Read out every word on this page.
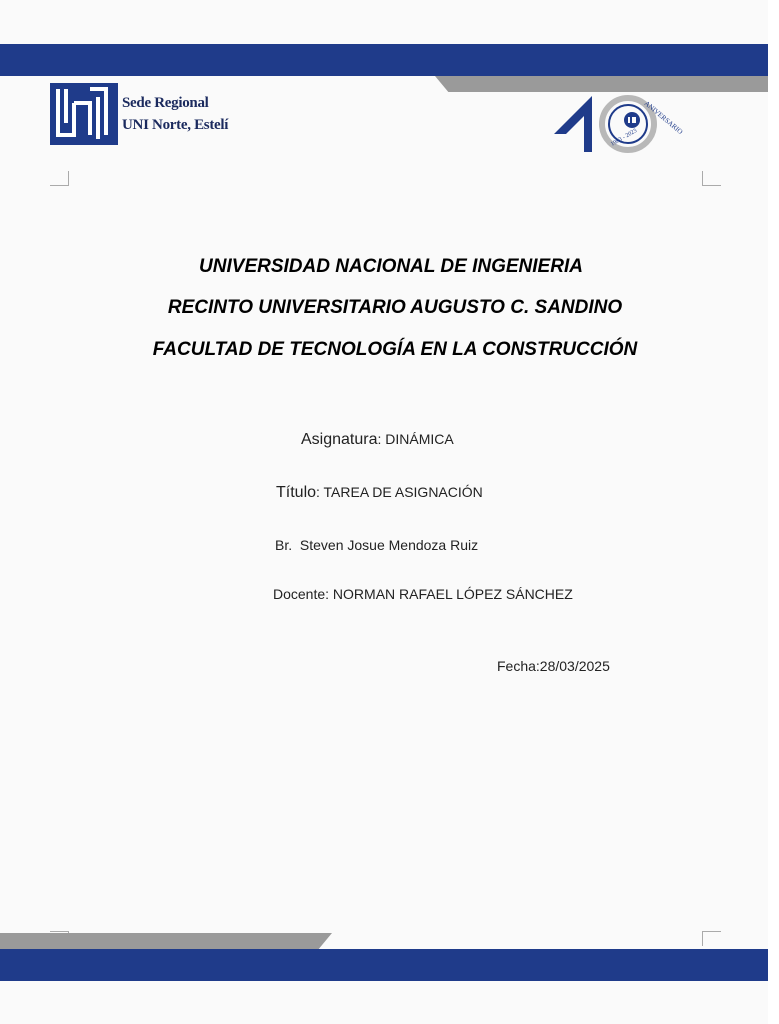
Sede Regional
UNI Norte, Estelí	ANIVERSARIO
1983 - 2023
UNIVERSIDAD NACIONAL DE INGENIERIA
RECINTO UNIVERSITARIO AUGUSTO C. SANDINO
FACULTAD DE TECNOLOGÍA EN LA CONSTRUCCIÓN
Asignatura: DINÁMICA
Título: TAREA DE ASIGNACIÓN
Br.  Steven Josue Mendoza Ruiz
Docente: NORMAN RAFAEL LÓPEZ SÁNCHEZ
Fecha:28/03/2025
